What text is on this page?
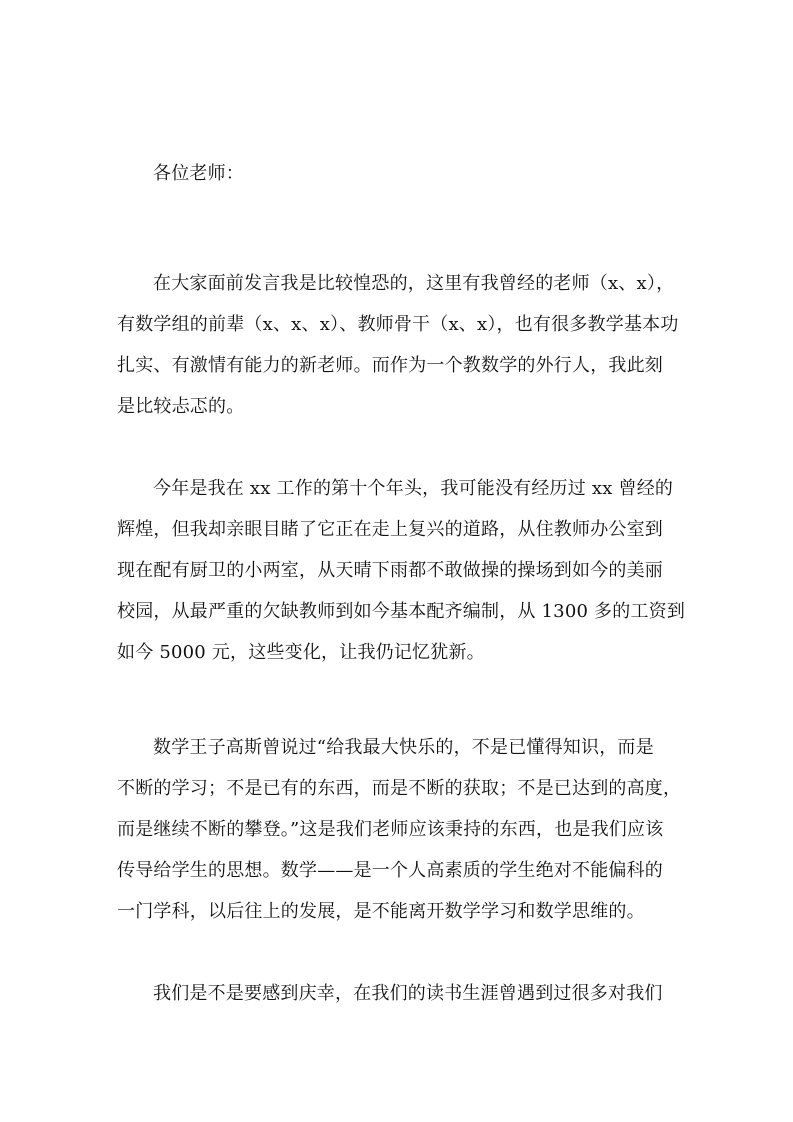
各位老师：
在大家面前发言我是比较惶恐的，这里有我曾经的老师（x、x），
有数学组的前辈（x、x、x）、教师骨干（x、x），也有很多教学基本功
扎实、有激情有能力的新老师。而作为一个教数学的外行人，我此刻
是比较忐忑的。
今年是我在 xx 工作的第十个年头，我可能没有经历过 xx 曾经的
辉煌，但我却亲眼目睹了它正在走上复兴的道路，从住教师办公室到
现在配有厨卫的小两室，从天晴下雨都不敢做操的操场到如今的美丽
校园，从最严重的欠缺教师到如今基本配齐编制，从 1300 多的工资到
如今 5000 元，这些变化，让我仍记忆犹新。
数学王子高斯曾说过“给我最大快乐的，不是已懂得知识，而是
不断的学习；不是已有的东西，而是不断的获取；不是已达到的高度，
而是继续不断的攀登。”这是我们老师应该秉持的东西，也是我们应该
传导给学生的思想。数学——是一个人高素质的学生绝对不能偏科的
一门学科，以后往上的发展，是不能离开数学学习和数学思维的。
我们是不是要感到庆幸，在我们的读书生涯曾遇到过很多对我们
